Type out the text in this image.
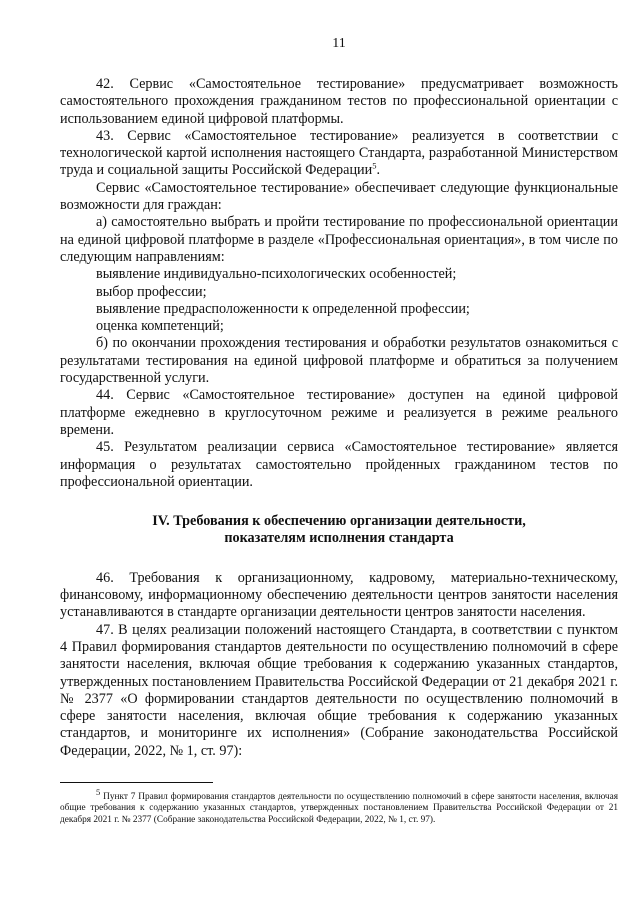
11

42. Сервис «Самостоятельное тестирование» предусматривает возможность самостоятельного прохождения гражданином тестов по профессиональной ориентации с использованием единой цифровой платформы.

43. Сервис «Самостоятельное тестирование» реализуется в соответствии с технологической картой исполнения настоящего Стандарта, разработанной Министерством труда и социальной защиты Российской Федерации$^5$.

Сервис «Самостоятельное тестирование» обеспечивает следующие функциональные возможности для граждан:

а) самостоятельно выбрать и пройти тестирование по профессиональной ориентации на единой цифровой платформе в разделе «Профессиональная ориентация», в том числе по следующим направлениям:

выявление индивидуально-психологических особенностей;

выбор профессии;

выявление предрасположенности к определенной профессии;

оценка компетенций;

б) по окончании прохождения тестирования и обработки результатов ознакомиться с результатами тестирования на единой цифровой платформе и обратиться за получением государственной услуги.

44. Сервис «Самостоятельное тестирование» доступен на единой цифровой платформе ежедневно в круглосуточном режиме и реализуется в режиме реального времени.

45. Результатом реализации сервиса «Самостоятельное тестирование» является информация о результатах самостоятельно пройденных гражданином тестов по профессиональной ориентации.

IV. Требования к обеспечению организации деятельности,
показателям исполнения стандарта

46. Требования к организационному, кадровому, материально-техническому, финансовому, информационному обеспечению деятельности центров занятости населения устанавливаются в стандарте организации деятельности центров занятости населения.

47. В целях реализации положений настоящего Стандарта, в соответствии с пунктом 4 Правил формирования стандартов деятельности по осуществлению полномочий в сфере занятости населения, включая общие требования к содержанию указанных стандартов, утвержденных постановлением Правительства Российской Федерации от 21 декабря 2021 г. № 2377 «О формировании стандартов деятельности по осуществлению полномочий в сфере занятости населения, включая общие требования к содержанию указанных стандартов, и мониторинге их исполнения» (Собрание законодательства Российской Федерации, 2022, № 1, ст. 97):

$^5$ Пункт 7 Правил формирования стандартов деятельности по осуществлению полномочий в сфере занятости населения, включая общие требования к содержанию указанных стандартов, утвержденных постановлением Правительства Российской Федерации от 21 декабря 2021 г. № 2377 (Собрание законодательства Российской Федерации, 2022, № 1, ст. 97).
